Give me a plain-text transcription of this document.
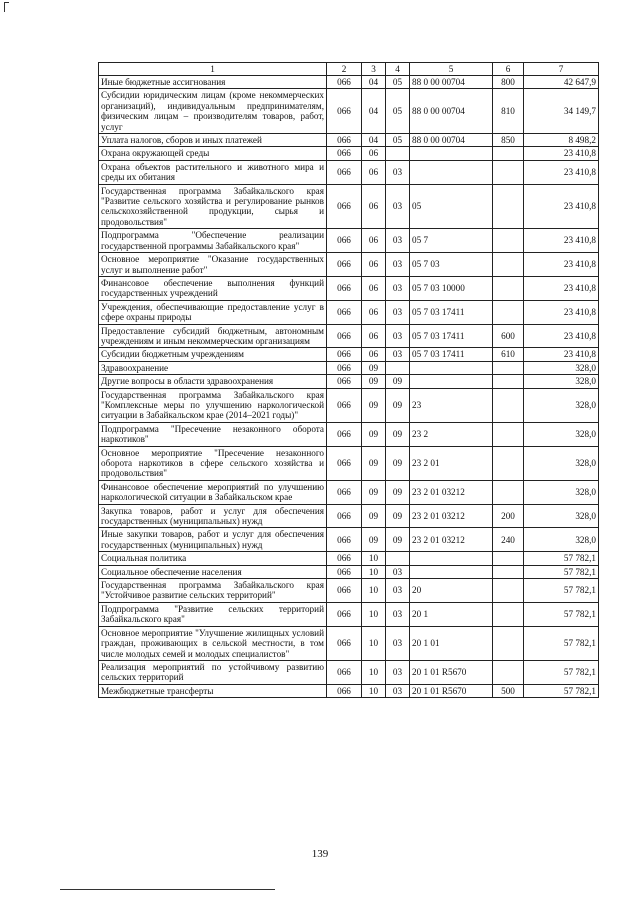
1	2	3	4	5	6	7
Иные бюджетные ассигнования	066	04	05	88 0 00 00704	800	42 647,9
Субсидии юридическим лицам (кроме некоммерческих организаций), индивидуальным предпринимателям, физическим лицам – производителям товаров, работ, услуг	066	04	05	88 0 00 00704	810	34 149,7
Уплата налогов, сборов и иных платежей	066	04	05	88 0 00 00704	850	8 498,2
Охрана окружающей среды	066	06				23 410,8
Охрана объектов растительного и животного мира и среды их обитания	066	06	03			23 410,8
Государственная программа Забайкальского края "Развитие сельского хозяйства и регулирование рынков сельскохозяйственной продукции, сырья и продовольствия"	066	06	03	05		23 410,8
Подпрограмма "Обеспечение реализации государственной программы Забайкальского края"	066	06	03	05 7		23 410,8
Основное мероприятие "Оказание государственных услуг и выполнение работ"	066	06	03	05 7 03		23 410,8
Финансовое обеспечение выполнения функций государственных учреждений	066	06	03	05 7 03 10000		23 410,8
Учреждения, обеспечивающие предоставление услуг в сфере охраны природы	066	06	03	05 7 03 17411		23 410,8
Предоставление субсидий бюджетным, автономным учреждениям и иным некоммерческим организациям	066	06	03	05 7 03 17411	600	23 410,8
Субсидии бюджетным учреждениям	066	06	03	05 7 03 17411	610	23 410,8
Здравоохранение	066	09				328,0
Другие вопросы в области здравоохранения	066	09	09			328,0
Государственная программа Забайкальского края "Комплексные меры по улучшению наркологической ситуации в Забайкальском крае (2014–2021 годы)"	066	09	09	23		328,0
Подпрограмма "Пресечение незаконного оборота наркотиков"	066	09	09	23 2		328,0
Основное мероприятие "Пресечение незаконного оборота наркотиков в сфере сельского хозяйства и продовольствия"	066	09	09	23 2 01		328,0
Финансовое обеспечение мероприятий по улучшению наркологической ситуации в Забайкальском крае	066	09	09	23 2 01 03212		328,0
Закупка товаров, работ и услуг для обеспечения государственных (муниципальных) нужд	066	09	09	23 2 01 03212	200	328,0
Иные закупки товаров, работ и услуг для обеспечения государственных (муниципальных) нужд	066	09	09	23 2 01 03212	240	328,0
Социальная политика	066	10				57 782,1
Социальное обеспечение населения	066	10	03			57 782,1
Государственная программа Забайкальского края "Устойчивое развитие сельских территорий"	066	10	03	20		57 782,1
Подпрограмма "Развитие сельских территорий Забайкальского края"	066	10	03	20 1		57 782,1
Основное мероприятие "Улучшение жилищных условий граждан, проживающих в сельской местности, в том числе молодых семей и молодых специалистов"	066	10	03	20 1 01		57 782,1
Реализация мероприятий по устойчивому развитию сельских территорий	066	10	03	20 1 01 R5670		57 782,1
Межбюджетные трансферты	066	10	03	20 1 01 R5670	500	57 782,1
139
